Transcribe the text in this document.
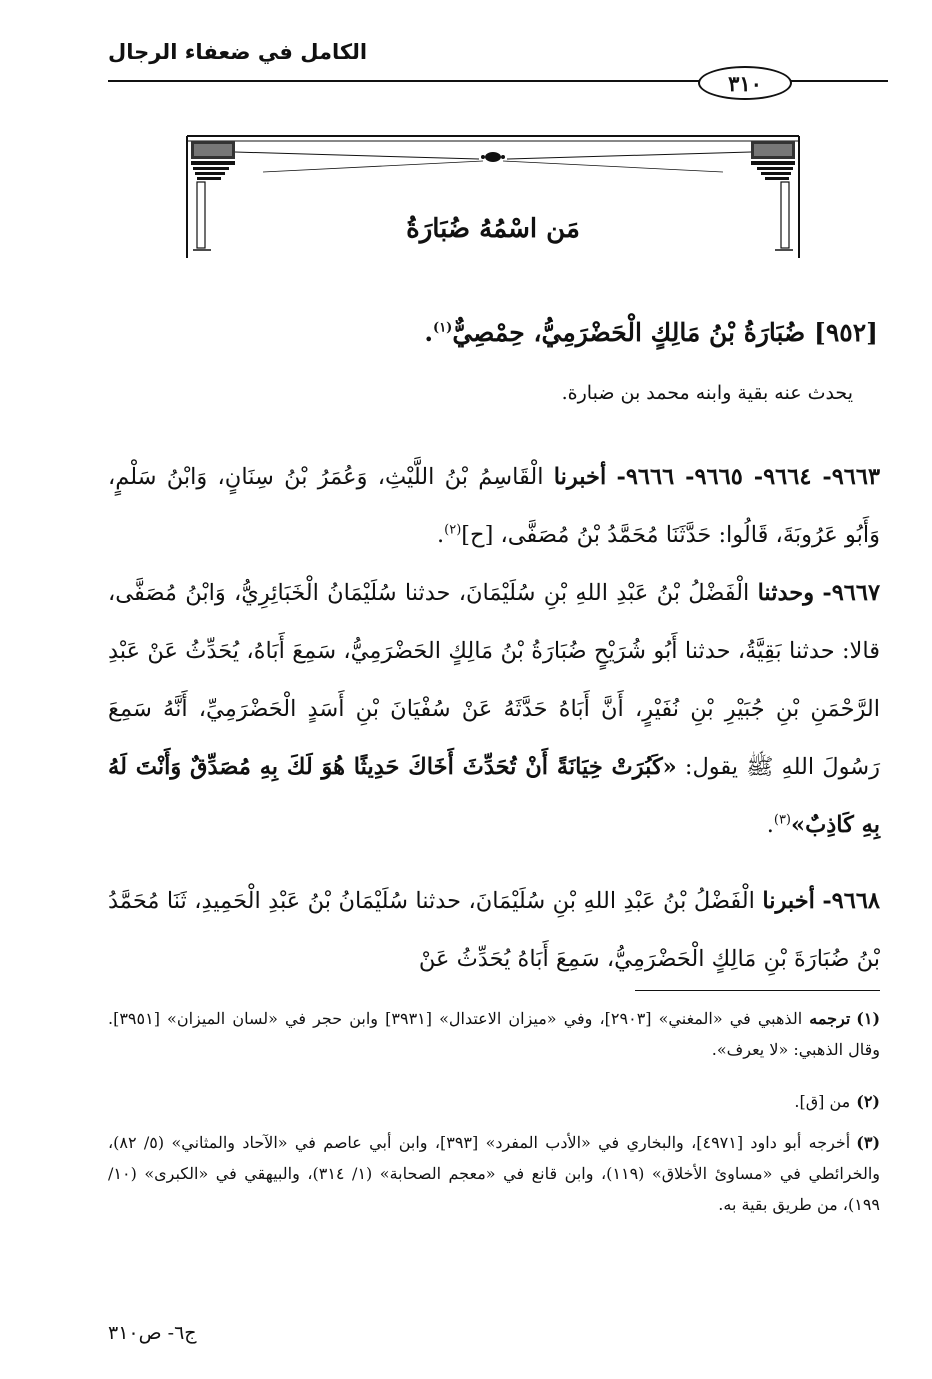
الكامل في ضعفاء الرجال
٣١٠
مَن اسْمُهُ ضُبَارَةُ
[٩٥٢] ضُبَارَةُ بْنُ مَالِكٍ الْحَضْرَمِيُّ، حِمْصِيٌّ$^{(١)}$.
يحدث عنه بقية وابنه محمد بن ضبارة.
٩٦٦٣- ٩٦٦٤- ٩٦٦٥- ٩٦٦٦- أخبرنا الْقَاسِمُ بْنُ اللَّيْثِ، وَعُمَرُ بْنُ سِنَانٍ، وَابْنُ سَلْمٍ، وَأَبُو عَرُوبَةَ، قَالُوا: حَدَّثَنَا مُحَمَّدُ بْنُ مُصَفَّى، [ح]$^{(٢)}$.
٩٦٦٧- وحدثنا الْفَضْلُ بْنُ عَبْدِ اللهِ بْنِ سُلَيْمَانَ، حدثنا سُلَيْمَانُ الْخَبَائِرِيُّ، وَابْنُ مُصَفَّى، قالا: حدثنا بَقِيَّةُ، حدثنا أَبُو شُرَيْحٍ ضُبَارَةُ بْنُ مَالِكٍ الحَضْرَمِيُّ، سَمِعَ أَبَاهُ، يُحَدِّثُ عَنْ عَبْدِ الرَّحْمَنِ بْنِ جُبَيْرِ بْنِ نُفَيْرٍ، أَنَّ أَبَاهُ حَدَّثَهُ عَنْ سُفْيَانَ بْنِ أَسَدٍ الْحَضْرَمِيِّ، أَنَّهُ سَمِعَ رَسُولَ اللهِ ﷺ يقول: «كَبُرَتْ خِيَانَةً أَنْ تُحَدِّثَ أَخَاكَ حَدِيثًا هُوَ لَكَ بِهِ مُصَدِّقٌ وَأَنْتَ لَهُ بِهِ كَاذِبٌ»$^{(٣)}$.
٩٦٦٨- أخبرنا الْفَضْلُ بْنُ عَبْدِ اللهِ بْنِ سُلَيْمَانَ، حدثنا سُلَيْمَانُ بْنُ عَبْدِ الْحَمِيدِ، ثَنَا مُحَمَّدُ بْنُ ضُبَارَةَ بْنِ مَالِكٍ الْحَضْرَمِيُّ، سَمِعَ أَبَاهُ يُحَدِّثُ عَنْ
(١)ترجمه الذهبي في «المغني» [٢٩٠٣]، وفي «ميزان الاعتدال» [٣٩٣١] وابن حجر في «لسان الميزان» [٣٩٥١]. وقال الذهبي: «لا يعرف».
(٢)من [ق].
(٣)أخرجه أبو داود [٤٩٧١]، والبخاري في «الأدب المفرد» [٣٩٣]، وابن أبي عاصم في «الآحاد والمثاني» (٥/ ٨٢)، والخرائطي في «مساوئ الأخلاق» (١١٩)، وابن قانع في «معجم الصحابة» (١/ ٣١٤)، والبيهقي في «الكبرى» (١٠/ ١٩٩)، من طريق بقية به.
ج٦- ص٣١٠
